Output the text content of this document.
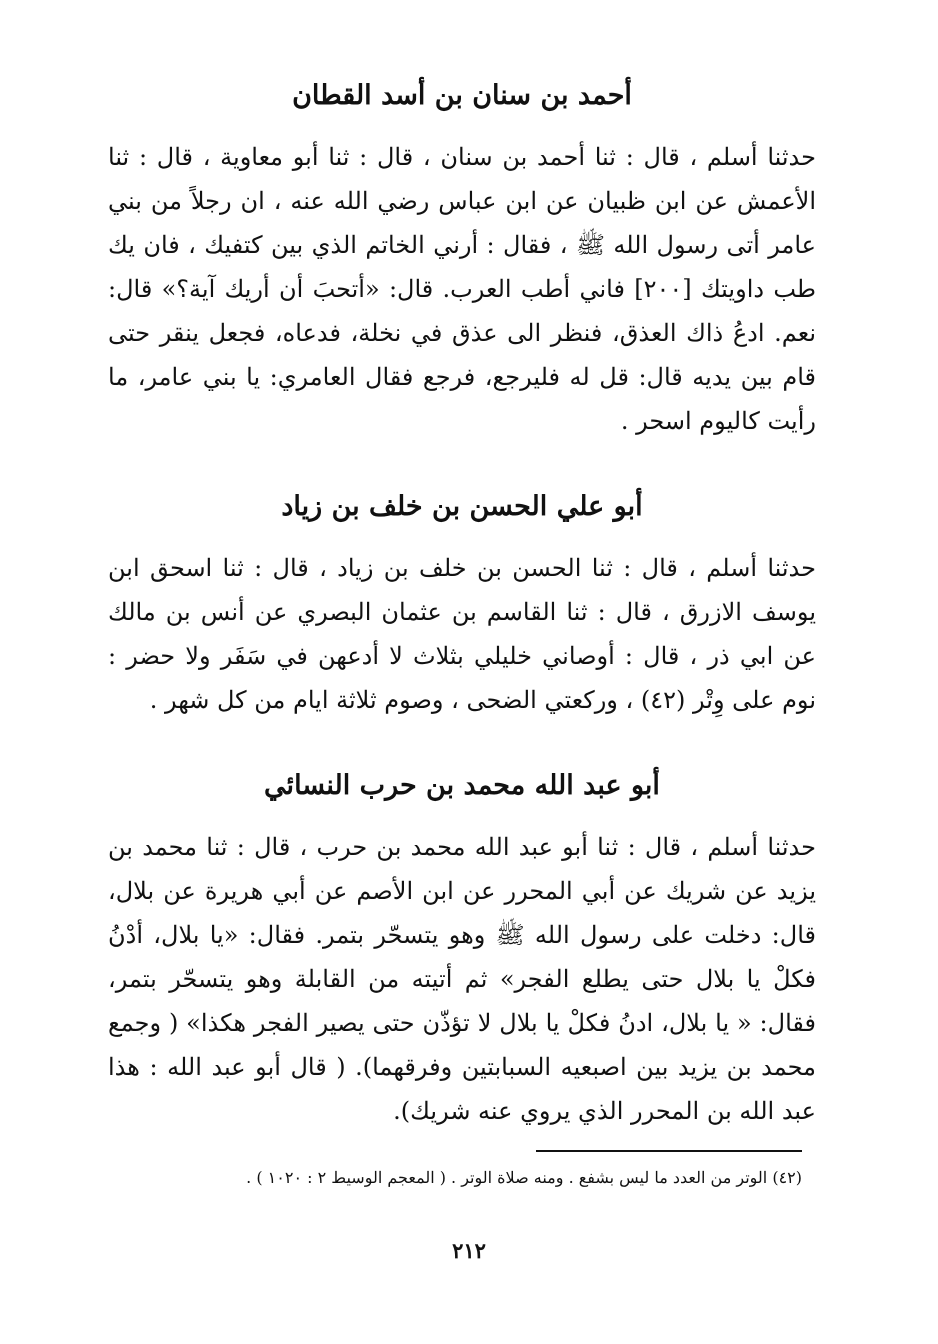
أحمد بن سنان بن أسد القطان

حدثنا أسلم ، قال : ثنا أحمد بن سنان ، قال : ثنا أبو معاوية ، قال : ثنا الأعمش عن ابن ظبيان عن ابن عباس رضي الله عنه ، ان رجلاً من بني عامر أتى رسول الله ﷺ ، فقال : أرني الخاتم الذي بين كتفيك ، فان يك طب داويتك [٢٠٠] فاني أطب العرب. قال: «أتحبَ أن أريك آية؟» قال: نعم. ادعُ ذاك العذق، فنظر الى عذق في نخلة، فدعاه، فجعل ينقر حتى قام بين يديه قال: قل له فليرجع، فرجع فقال العامري: يا بني عامر، ما رأيت كاليوم اسحر .

أبو علي الحسن بن خلف بن زياد

حدثنا أسلم ، قال : ثنا الحسن بن خلف بن زياد ، قال : ثنا اسحق ابن يوسف الازرق ، قال : ثنا القاسم بن عثمان البصري عن أنس بن مالك عن ابي ذر ، قال : أوصاني خليلي بثلاث لا أدعهن في سَفَر ولا حضر : نوم على وِتْر (٤٢) ، وركعتي الضحى ، وصوم ثلاثة ايام من كل شهر .

أبو عبد الله محمد بن حرب النسائي

حدثنا أسلم ، قال : ثنا أبو عبد الله محمد بن حرب ، قال : ثنا محمد بن يزيد عن شريك عن أبي المحرر عن ابن الأصم عن أبي هريرة عن بلال، قال: دخلت على رسول الله ﷺ وهو يتسحّر بتمر. فقال: «يا بلال، أدْنُ فكلْ يا بلال حتى يطلع الفجر» ثم أتيته من القابلة وهو يتسحّر بتمر، فقال: « يا بلال، ادنُ فكلْ يا بلال لا تؤذّن حتى يصير الفجر هكذا» ( وجمع محمد بن يزيد بين اصبعيه السبابتين وفرقهما). ( قال أبو عبد الله : هذا عبد الله بن المحرر الذي يروي عنه شريك).

(٤٢) الوتر من العدد ما ليس بشفع . ومنه صلاة الوتر . ( المعجم الوسيط ٢ : ١٠٢٠ ) .
٢١٢
